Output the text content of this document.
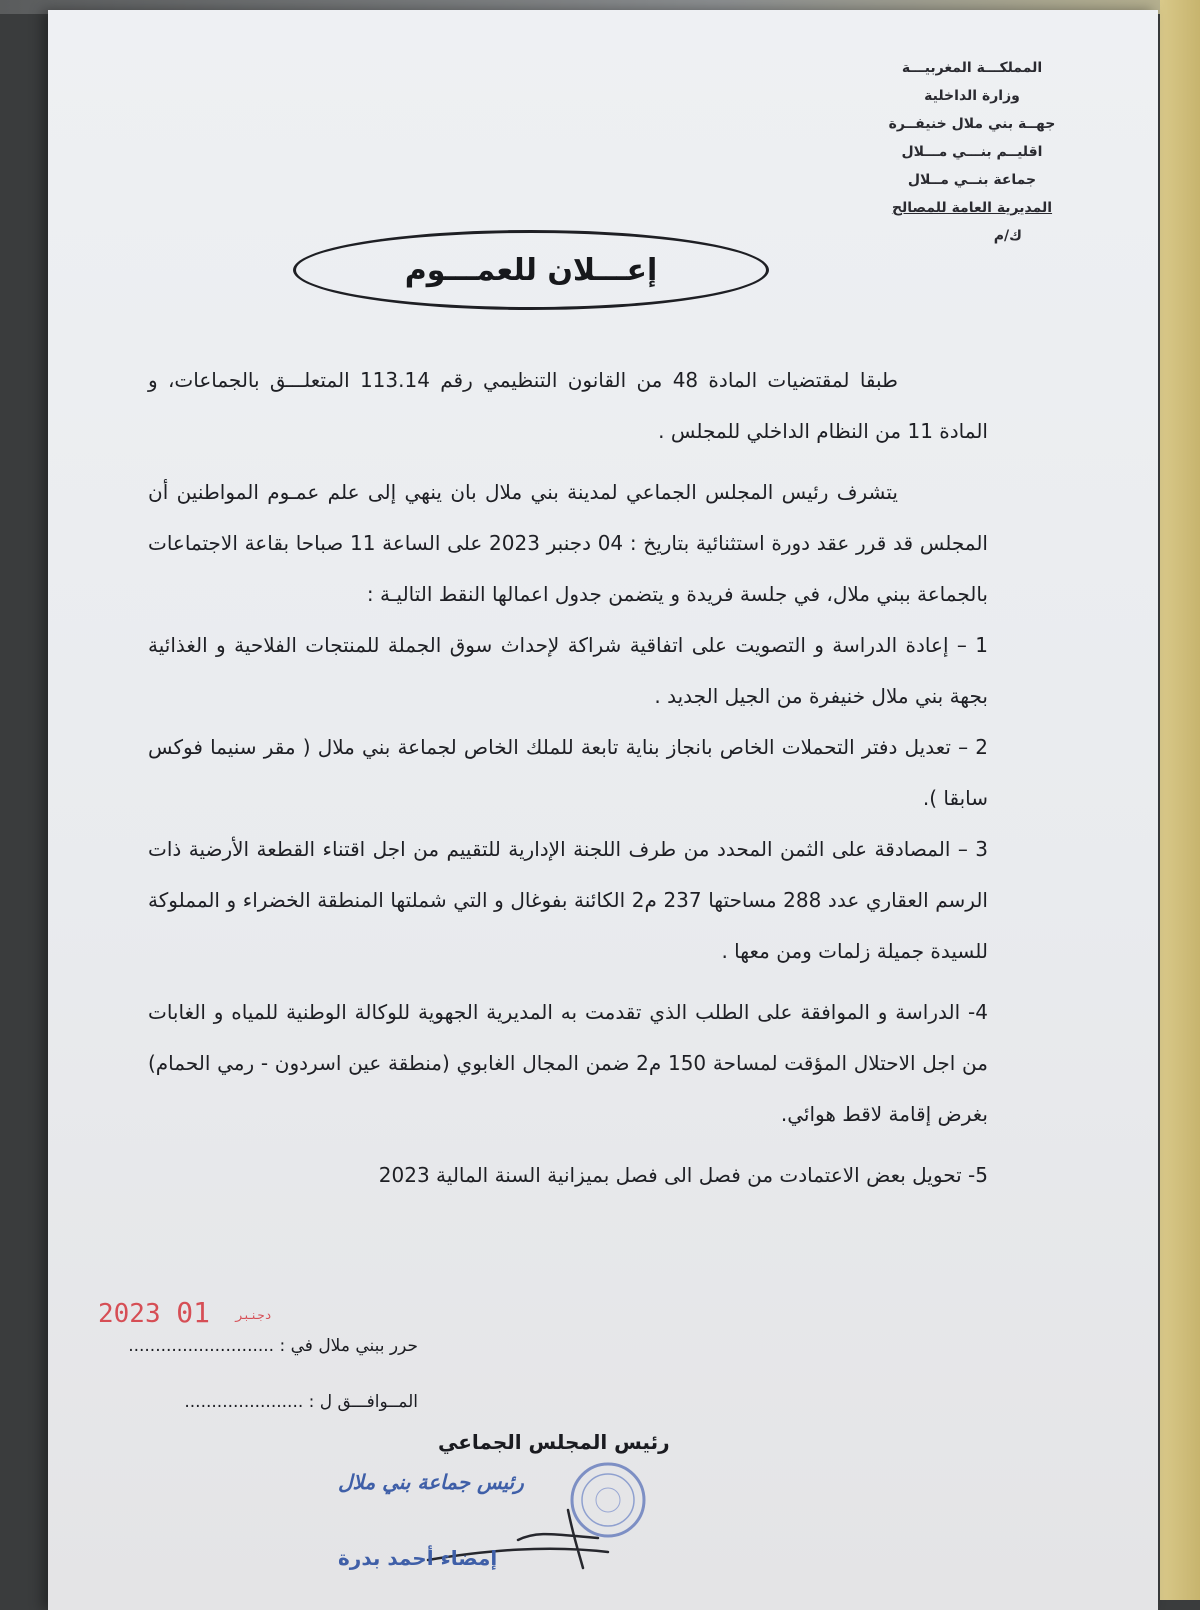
المملكـــة المغربيـــة
وزارة الداخلية
جهــة بني ملال خنيفــرة
اقليــم بنـــي مـــلال
جماعة بنــي مــلال
المديرية العامة للمصالح
ك/م
إعـــلان للعمـــوم

طبقا لمقتضيات المادة 48 من القانون التنظيمي رقم 113.14 المتعلـــق بالجماعات، و المادة 11 من النظام الداخلي للمجلس .

يتشرف رئيس المجلس الجماعي لمدينة بني ملال بان ينهي إلى علم عمـوم المواطنين أن المجلس قد قرر عقد دورة استثنائية بتاريخ : 04 دجنبر 2023 على الساعة 11 صباحا بقاعة الاجتماعات بالجماعة ببني ملال، في جلسة فريدة و يتضمن جدول اعمالها النقط التاليـة :

1 – إعادة الدراسة و التصويت على اتفاقية شراكة لإحداث سوق الجملة للمنتجات الفلاحية و الغذائية بجهة بني ملال خنيفرة من الجيل الجديد .

2 – تعديل دفتر التحملات الخاص بانجاز بناية تابعة للملك الخاص لجماعة بني ملال ( مقر سنيما فوكس سابقا ).

3 – المصادقة على الثمن المحدد من طرف اللجنة الإدارية للتقييم من اجل اقتناء القطعة الأرضية ذات الرسم العقاري عدد 288 مساحتها 237 م2 الكائنة بفوغال و التي شملتها المنطقة الخضراء و المملوكة للسيدة جميلة زلمات ومن معها .

4- الدراسة و الموافقة على الطلب الذي تقدمت به المديرية الجهوية للوكالة الوطنية للمياه و الغابات من اجل الاحتلال المؤقت لمساحة 150 م2 ضمن المجال الغابوي (منطقة عين اسردون - رمي الحمام) بغرض إقامة لاقط هوائي.

5- تحويل بعض الاعتمادت من فصل الى فصل بميزانية السنة المالية 2023

2023	دجنبر 01

حرر ببني ملال في : ...........................

المــوافـــق ل : ......................

رئيس المجلس الجماعي
رئيس جماعة بني ملال
إمضاء أحمد بدرة
